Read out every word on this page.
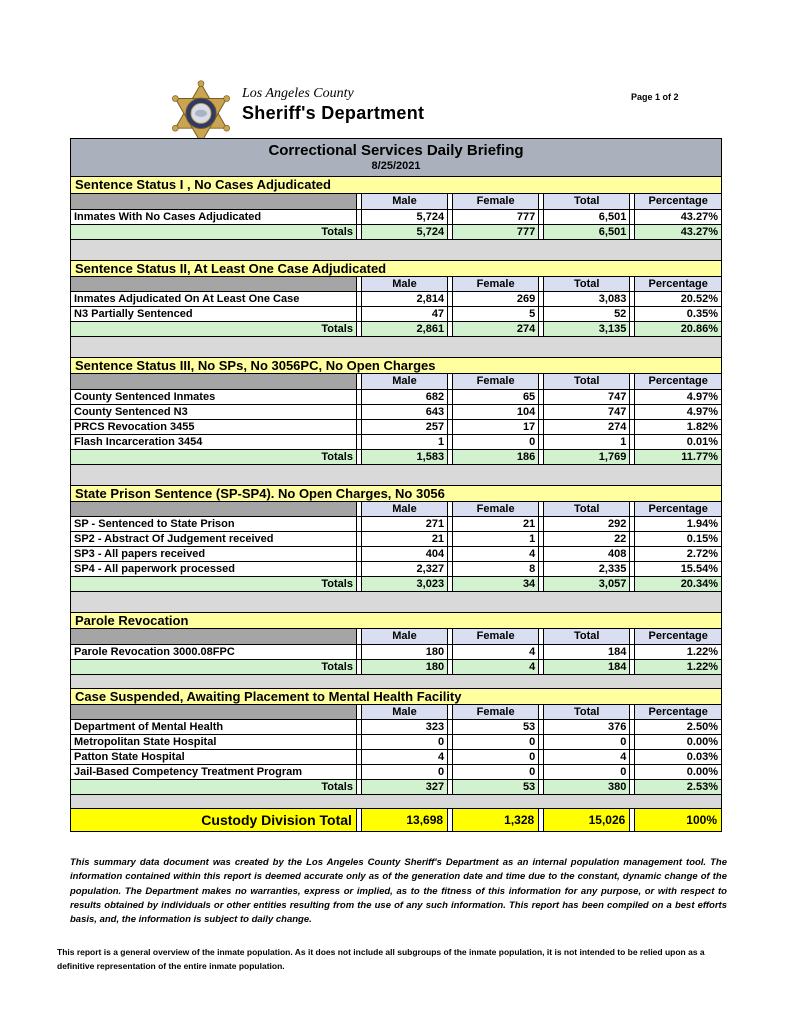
Los Angeles County
Sheriff's Department
Page 1 of 2
Correctional Services Daily Briefing
8/25/2021
Sentence Status I , No Cases Adjudicated
		Male		Female		Total		Percentage
Inmates With No Cases Adjudicated		5,724		777		6,501		43.27%
Totals		5,724		777		6,501		43.27%
Sentence Status II, At Least One Case Adjudicated
		Male		Female		Total		Percentage
Inmates Adjudicated On At Least One Case		2,814		269		3,083		20.52%
N3 Partially Sentenced		47		5		52		0.35%
Totals		2,861		274		3,135		20.86%
Sentence Status III, No SPs, No 3056PC, No Open Charges
		Male		Female		Total		Percentage
County Sentenced Inmates		682		65		747		4.97%
County Sentenced N3		643		104		747		4.97%
PRCS Revocation 3455		257		17		274		1.82%
Flash Incarceration 3454		1		0		1		0.01%
Totals		1,583		186		1,769		11.77%
State Prison Sentence (SP-SP4). No Open Charges, No 3056
		Male		Female		Total		Percentage
SP - Sentenced to State Prison		271		21		292		1.94%
SP2 - Abstract Of Judgement received		21		1		22		0.15%
SP3 - All papers received		404		4		408		2.72%
SP4 - All paperwork processed		2,327		8		2,335		15.54%
Totals		3,023		34		3,057		20.34%
Parole Revocation
		Male		Female		Total		Percentage
Parole Revocation 3000.08FPC		180		4		184		1.22%
Totals		180		4		184		1.22%
Case Suspended, Awaiting Placement to Mental Health Facility
		Male		Female		Total		Percentage
Department of Mental Health		323		53		376		2.50%
Metropolitan State Hospital		0		0		0		0.00%
Patton State Hospital		4		0		4		0.03%
Jail-Based Competency Treatment Program		0		0		0		0.00%
Totals		327		53		380		2.53%
Custody Division Total		13,698		1,328		15,026		100%
This summary data document was created by the Los Angeles County Sheriff's Department as an internal population management tool. The information contained within this report is deemed accurate only as of the generation date and time due to the constant, dynamic change of the population. The Department makes no warranties, express or implied, as to the fitness of this information for any purpose, or with respect to results obtained by individuals or other entities resulting from the use of any such information. This report has been compiled on a best efforts basis, and, the information is subject to daily change.
This report is a general overview of the inmate population. As it does not include all subgroups of the inmate population, it is not intended to be relied upon as a definitive representation of the entire inmate population.
